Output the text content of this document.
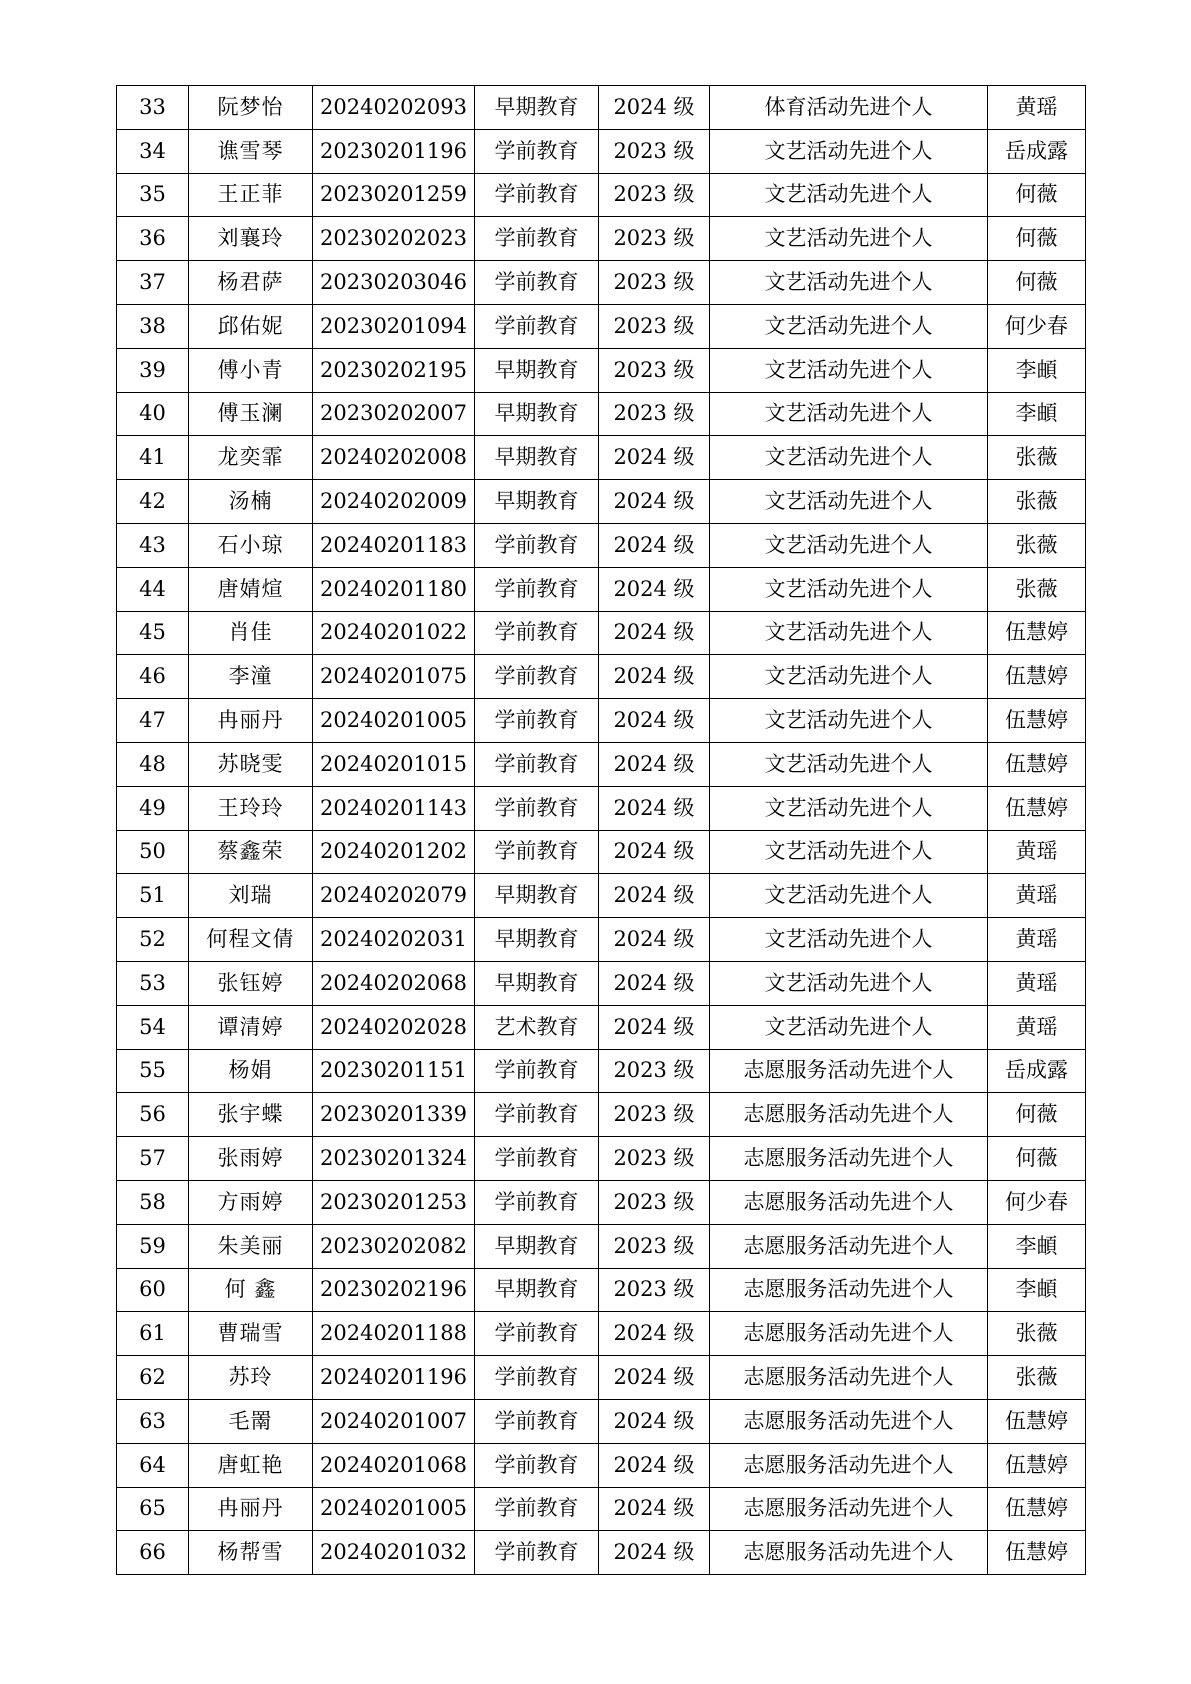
33	阮梦怡	20240202093	早期教育	2024 级	体育活动先进个人	黄瑶
34	谯雪琴	20230201196	学前教育	2023 级	文艺活动先进个人	岳成露
35	王正菲	20230201259	学前教育	2023 级	文艺活动先进个人	何薇
36	刘襄玲	20230202023	学前教育	2023 级	文艺活动先进个人	何薇
37	杨君萨	20230203046	学前教育	2023 级	文艺活动先进个人	何薇
38	邱佑妮	20230201094	学前教育	2023 级	文艺活动先进个人	何少春
39	傅小青	20230202195	早期教育	2023 级	文艺活动先进个人	李頔
40	傅玉澜	20230202007	早期教育	2023 级	文艺活动先进个人	李頔
41	龙奕霏	20240202008	早期教育	2024 级	文艺活动先进个人	张薇
42	汤楠	20240202009	早期教育	2024 级	文艺活动先进个人	张薇
43	石小琼	20240201183	学前教育	2024 级	文艺活动先进个人	张薇
44	唐婧煊	20240201180	学前教育	2024 级	文艺活动先进个人	张薇
45	肖佳	20240201022	学前教育	2024 级	文艺活动先进个人	伍慧婷
46	李潼	20240201075	学前教育	2024 级	文艺活动先进个人	伍慧婷
47	冉丽丹	20240201005	学前教育	2024 级	文艺活动先进个人	伍慧婷
48	苏晓雯	20240201015	学前教育	2024 级	文艺活动先进个人	伍慧婷
49	王玲玲	20240201143	学前教育	2024 级	文艺活动先进个人	伍慧婷
50	蔡鑫荣	20240201202	学前教育	2024 级	文艺活动先进个人	黄瑶
51	刘瑞	20240202079	早期教育	2024 级	文艺活动先进个人	黄瑶
52	何程文倩	20240202031	早期教育	2024 级	文艺活动先进个人	黄瑶
53	张钰婷	20240202068	早期教育	2024 级	文艺活动先进个人	黄瑶
54	谭清婷	20240202028	艺术教育	2024 级	文艺活动先进个人	黄瑶
55	杨娟	20230201151	学前教育	2023 级	志愿服务活动先进个人	岳成露
56	张宇蝶	20230201339	学前教育	2023 级	志愿服务活动先进个人	何薇
57	张雨婷	20230201324	学前教育	2023 级	志愿服务活动先进个人	何薇
58	方雨婷	20230201253	学前教育	2023 级	志愿服务活动先进个人	何少春
59	朱美丽	20230202082	早期教育	2023 级	志愿服务活动先进个人	李頔
60	何 鑫	20230202196	早期教育	2023 级	志愿服务活动先进个人	李頔
61	曹瑞雪	20240201188	学前教育	2024 级	志愿服务活动先进个人	张薇
62	苏玲	20240201196	学前教育	2024 级	志愿服务活动先进个人	张薇
63	毛罱	20240201007	学前教育	2024 级	志愿服务活动先进个人	伍慧婷
64	唐虹艳	20240201068	学前教育	2024 级	志愿服务活动先进个人	伍慧婷
65	冉丽丹	20240201005	学前教育	2024 级	志愿服务活动先进个人	伍慧婷
66	杨帮雪	20240201032	学前教育	2024 级	志愿服务活动先进个人	伍慧婷
